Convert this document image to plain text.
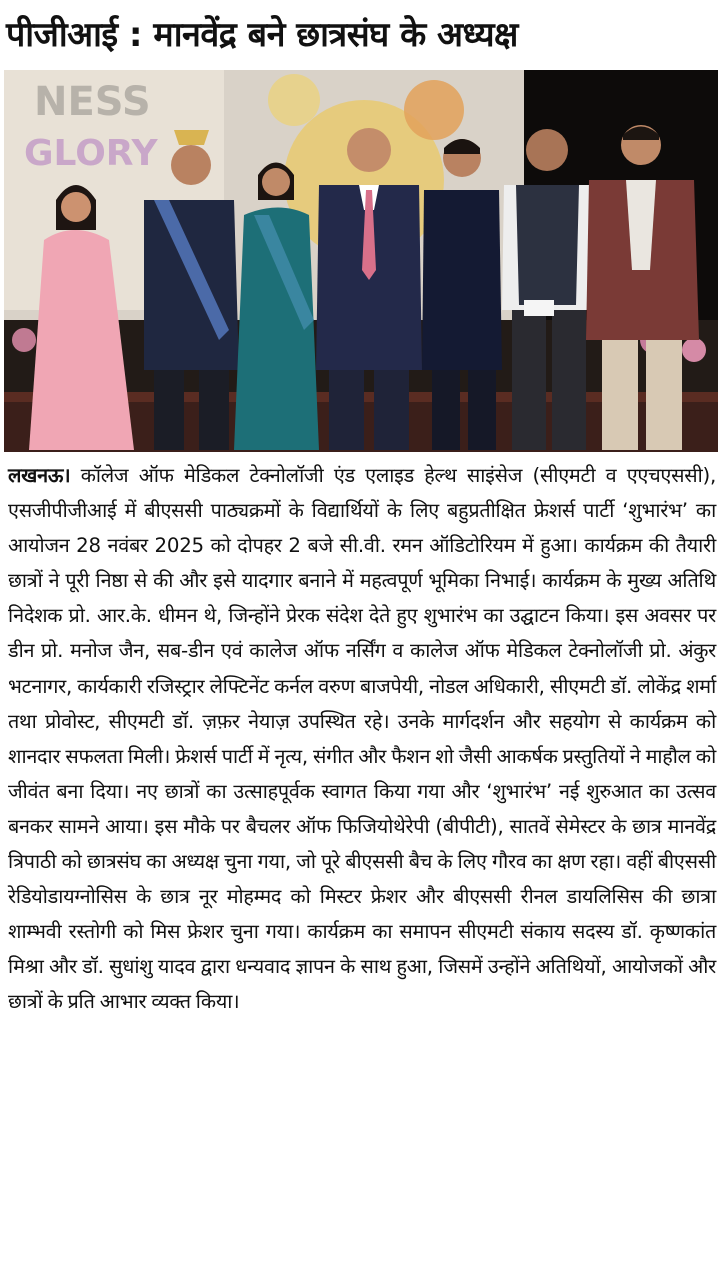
पीजीआई : मानवेंद्र बने छात्रसंघ के अध्यक्ष
NESS
GLORY
लखनऊ। कॉलेज ऑफ मेडिकल टेक्नोलॉजी एंड एलाइड हेल्थ साइंसेज (सीएमटी व एएचएससी), एसजीपीजीआई में बीएससी पाठ्यक्रमों के विद्यार्थियों के लिए बहुप्रतीक्षित फ्रेशर्स पार्टी ‘शुभारंभ’ का आयोजन 28 नवंबर 2025 को दोपहर 2 बजे सी.वी. रमन ऑडिटोरियम में हुआ। कार्यक्रम की तैयारी छात्रों ने पूरी निष्ठा से की और इसे यादगार बनाने में महत्वपूर्ण भूमिका निभाई। कार्यक्रम के मुख्य अतिथि निदेशक प्रो. आर.के. धीमन थे, जिन्होंने प्रेरक संदेश देते हुए शुभारंभ का उद्घाटन किया। इस अवसर पर डीन प्रो. मनोज जैन, सब-डीन एवं कालेज ऑफ नर्सिंग व कालेज ऑफ मेडिकल टेक्नोलॉजी प्रो. अंकुर भटनागर, कार्यकारी रजिस्ट्रार लेफ्टिनेंट कर्नल वरुण बाजपेयी, नोडल अधिकारी, सीएमटी डॉ. लोकेंद्र शर्मा तथा प्रोवोस्ट, सीएमटी डॉ. ज़फ़र नेयाज़ उपस्थित रहे। उनके मार्गदर्शन और सहयोग से कार्यक्रम को शानदार सफलता मिली। फ्रेशर्स पार्टी में नृत्य, संगीत और फैशन शो जैसी आकर्षक प्रस्तुतियों ने माहौल को जीवंत बना दिया। नए छात्रों का उत्साहपूर्वक स्वागत किया गया और ‘शुभारंभ’ नई शुरुआत का उत्सव बनकर सामने आया। इस मौके पर बैचलर ऑफ फिजियोथेरेपी (बीपीटी), सातवें सेमेस्टर के छात्र मानवेंद्र त्रिपाठी को छात्रसंघ का अध्यक्ष चुना गया, जो पूरे बीएससी बैच के लिए गौरव का क्षण रहा। वहीं बीएससी रेडियोडायग्नोसिस के छात्र नूर मोहम्मद को मिस्टर फ्रेशर और बीएससी रीनल डायलिसिस की छात्रा शाम्भवी रस्तोगी को मिस फ्रेशर चुना गया। कार्यक्रम का समापन सीएमटी संकाय सदस्य डॉ. कृष्णकांत मिश्रा और डॉ. सुधांशु यादव द्वारा धन्यवाद ज्ञापन के साथ हुआ, जिसमें उन्होंने अतिथियों, आयोजकों और छात्रों के प्रति आभार व्यक्त किया।
